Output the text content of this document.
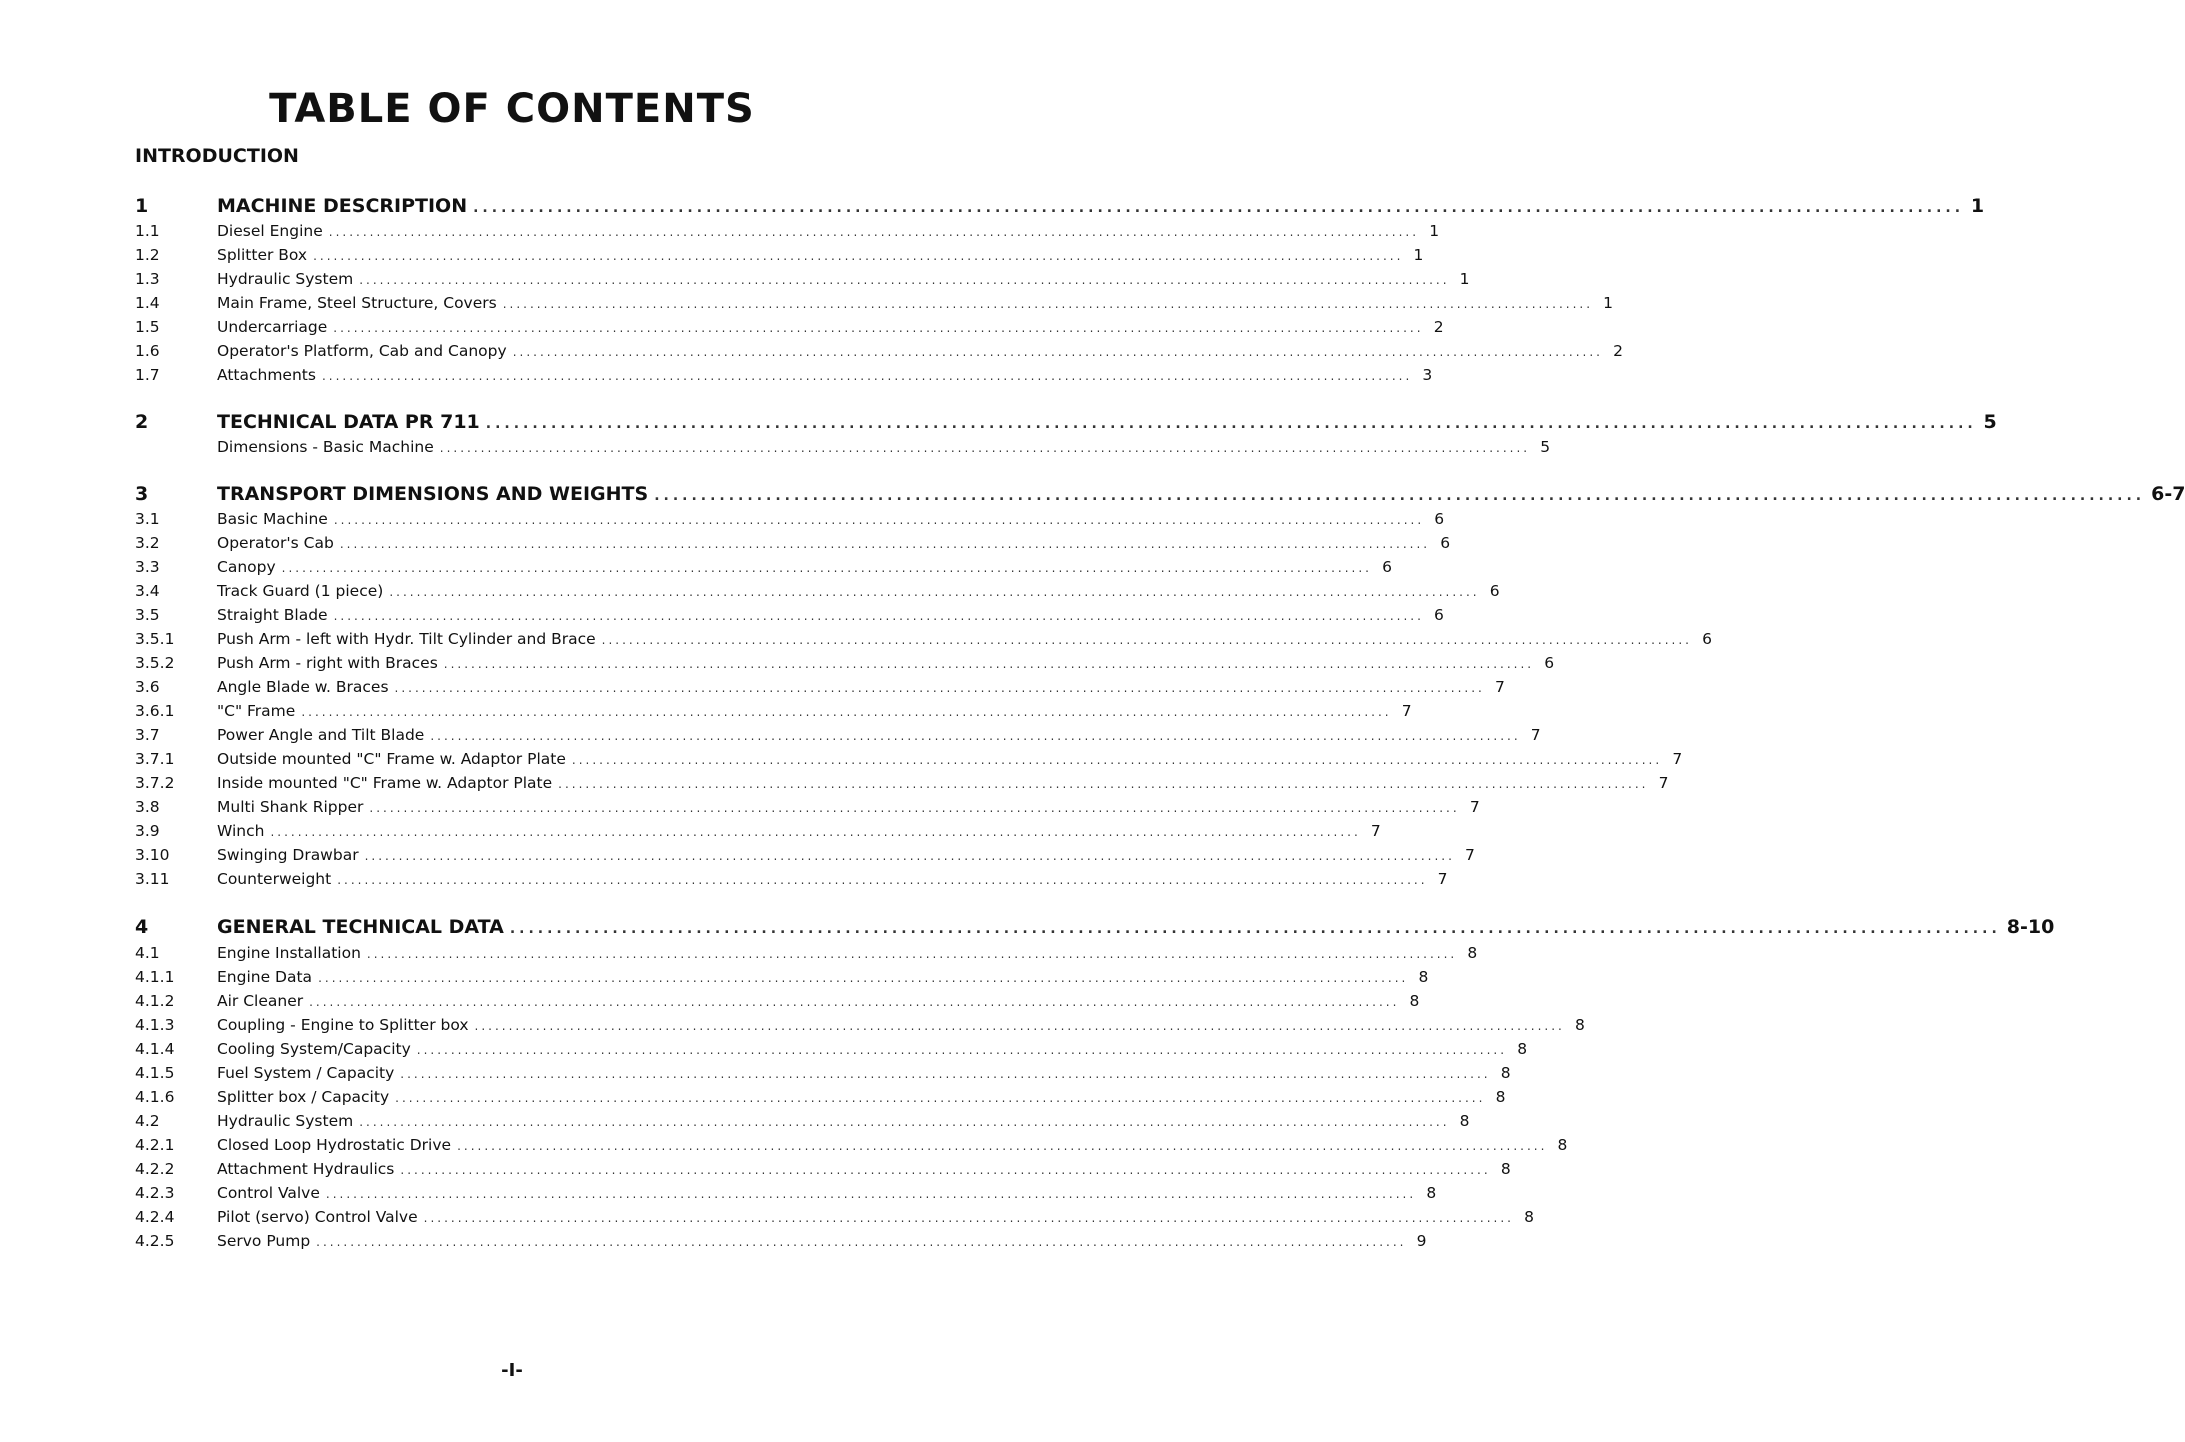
TABLE OF CONTENTS
INTRODUCTION
1	MACHINE DESCRIPTION ................................................................................................................................................................ 1
1.1	Diesel Engine ................................................................................................................................................................ 1
1.2	Splitter Box ................................................................................................................................................................ 1
1.3	Hydraulic System ................................................................................................................................................................ 1
1.4	Main Frame, Steel Structure, Covers ................................................................................................................................................................ 1
1.5	Undercarriage ................................................................................................................................................................ 2
1.6	Operator's Platform, Cab and Canopy ................................................................................................................................................................ 2
1.7	Attachments ................................................................................................................................................................ 3
2	TECHNICAL DATA PR 711 ................................................................................................................................................................ 5
Dimensions - Basic Machine ................................................................................................................................................................ 5
3	TRANSPORT DIMENSIONS AND WEIGHTS ................................................................................................................................................................ 6-7
3.1	Basic Machine ................................................................................................................................................................ 6
3.2	Operator's Cab ................................................................................................................................................................ 6
3.3	Canopy ................................................................................................................................................................ 6
3.4	Track Guard (1 piece) ................................................................................................................................................................ 6
3.5	Straight Blade ................................................................................................................................................................ 6
3.5.1	Push Arm - left with Hydr. Tilt Cylinder and Brace ................................................................................................................................................................ 6
3.5.2	Push Arm - right with Braces ................................................................................................................................................................ 6
3.6	Angle Blade w. Braces ................................................................................................................................................................ 7
3.6.1	"C" Frame ................................................................................................................................................................ 7
3.7	Power Angle and Tilt Blade ................................................................................................................................................................ 7
3.7.1	Outside mounted "C" Frame w. Adaptor Plate ................................................................................................................................................................ 7
3.7.2	Inside mounted "C" Frame w. Adaptor Plate ................................................................................................................................................................ 7
3.8	Multi Shank Ripper ................................................................................................................................................................ 7
3.9	Winch ................................................................................................................................................................ 7
3.10	Swinging Drawbar ................................................................................................................................................................ 7
3.11	Counterweight ................................................................................................................................................................ 7
4	GENERAL TECHNICAL DATA ................................................................................................................................................................ 8-10
4.1	Engine Installation ................................................................................................................................................................ 8
4.1.1	Engine Data ................................................................................................................................................................ 8
4.1.2	Air Cleaner ................................................................................................................................................................ 8
4.1.3	Coupling - Engine to Splitter box ................................................................................................................................................................ 8
4.1.4	Cooling System/Capacity ................................................................................................................................................................ 8
4.1.5	Fuel System / Capacity ................................................................................................................................................................ 8
4.1.6	Splitter box / Capacity ................................................................................................................................................................ 8
4.2	Hydraulic System ................................................................................................................................................................ 8
4.2.1	Closed Loop Hydrostatic Drive ................................................................................................................................................................ 8
4.2.2	Attachment Hydraulics ................................................................................................................................................................ 8
4.2.3	Control Valve ................................................................................................................................................................ 8
4.2.4	Pilot (servo) Control Valve ................................................................................................................................................................ 8
4.2.5	Servo Pump ................................................................................................................................................................ 9
-I-
